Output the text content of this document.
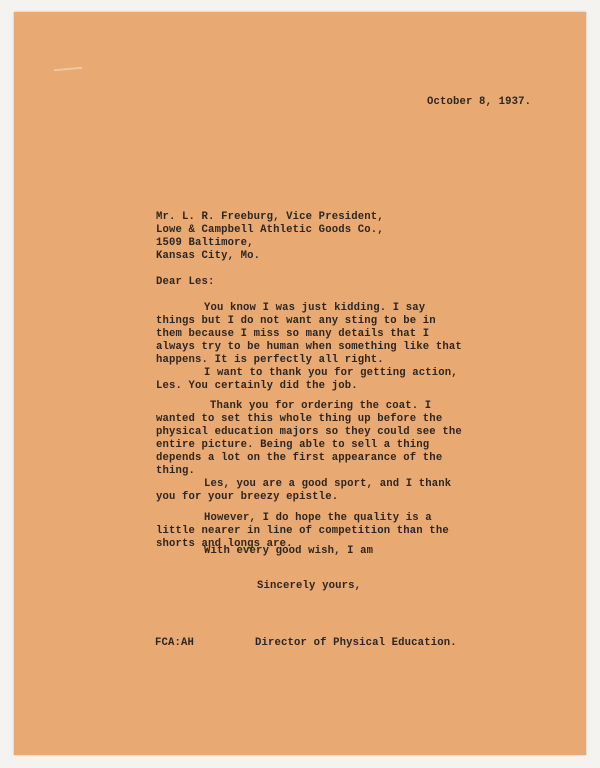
October 8, 1937.
Mr. L. R. Freeburg, Vice President,
Lowe & Campbell Athletic Goods Co.,
1509 Baltimore,
Kansas City, Mo.
Dear Les:
You know I was just kidding. I say things but I do not want any sting to be in them because I miss so many details that I always try to be human when something like that happens. It is perfectly all right.
I want to thank you for getting action, Les. You certainly did the job.
Thank you for ordering the coat. I wanted to set this whole thing up before the physical education majors so they could see the entire picture. Being able to sell a thing depends a lot on the first appearance of the thing.
Les, you are a good sport, and I thank you for your breezy epistle.
However, I do hope the quality is a little nearer in line of competition than the shorts and longs are.
With every good wish, I am
Sincerely yours,
FCA:AH	Director of Physical Education.
